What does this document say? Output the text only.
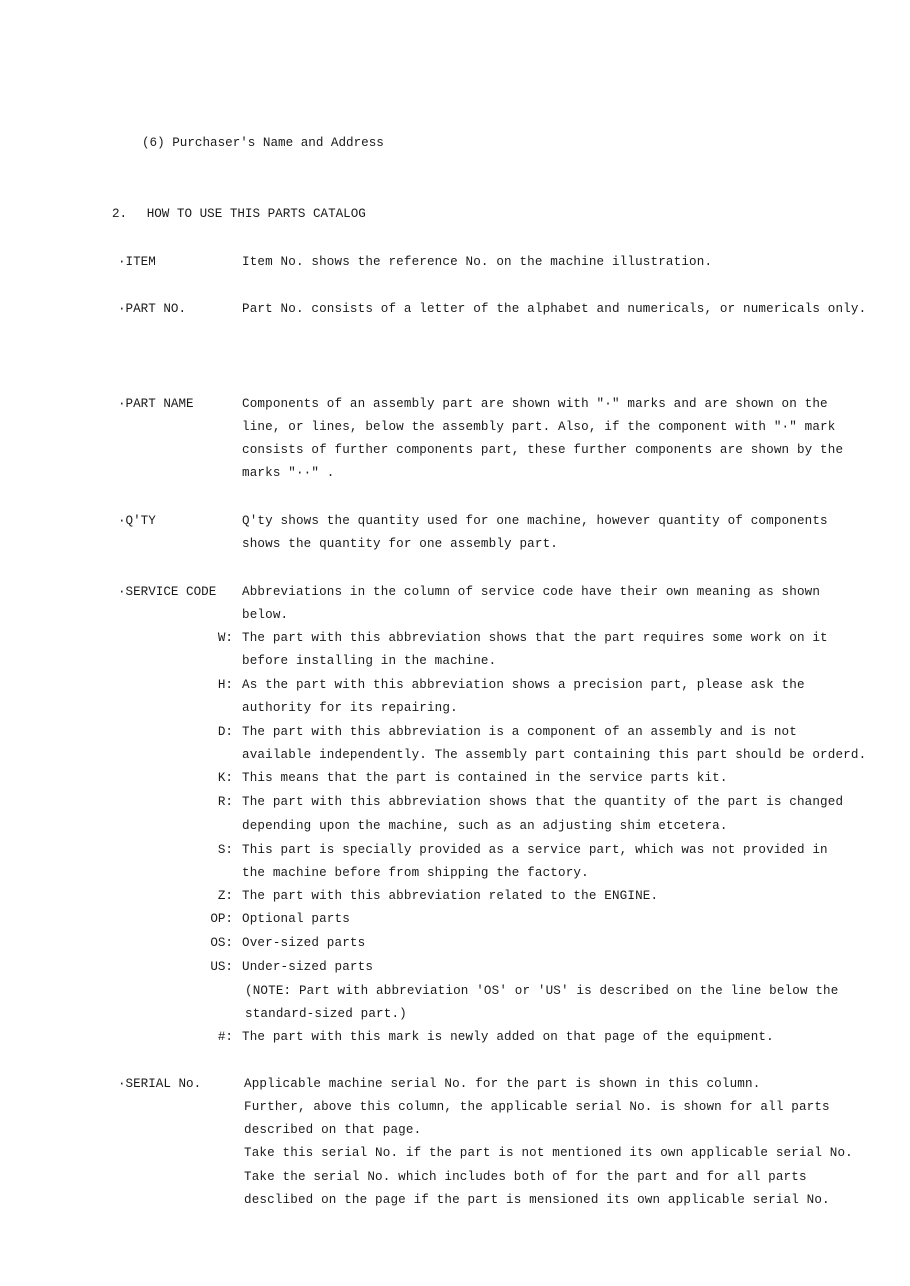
(6) Purchaser's Name and Address
2. HOW TO USE THIS PARTS CATALOG
·ITEM	Item No. shows the reference No. on the machine illustration.
·PART NO.	Part No. consists of a letter of the alphabet and numericals, or numericals only.
·PART NAME	Components of an assembly part are shown with "·" marks and are shown on the
line, or lines, below the assembly part. Also, if the component with "·" mark
consists of further components part, these further components are shown by the
marks "··" .
·Q'TY	Q'ty shows the quantity used for one machine, however quantity of components
shows the quantity for one assembly part.
·SERVICE CODE Abbreviations in the column of service code have their own meaning as shown
below.
W: The part with this abbreviation shows that the part requires some work on it
before installing in the machine.
H: As the part with this abbreviation shows a precision part, please ask the
authority for its repairing.
D: The part with this abbreviation is a component of an assembly and is not
available independently. The assembly part containing this part should be orderd.
K: This means that the part is contained in the service parts kit.
R: The part with this abbreviation shows that the quantity of the part is changed
depending upon the machine, such as an adjusting shim etcetera.
S: This part is specially provided as a service part, which was not provided in
the machine before from shipping the factory.
Z: The part with this abbreviation related to the ENGINE.
OP: Optional parts
OS: Over-sized parts
US: Under-sized parts
(NOTE: Part with abbreviation 'OS' or 'US' is described on the line below the
standard-sized part.)
#: The part with this mark is newly added on that page of the equipment.
·SERIAL No.	Applicable machine serial No. for the part is shown in this column.
Further, above this column, the applicable serial No. is shown for all parts
described on that page.
Take this serial No. if the part is not mentioned its own applicable serial No.
Take the serial No. which includes both of for the part and for all parts
desclibed on the page if the part is mensioned its own applicable serial No.
